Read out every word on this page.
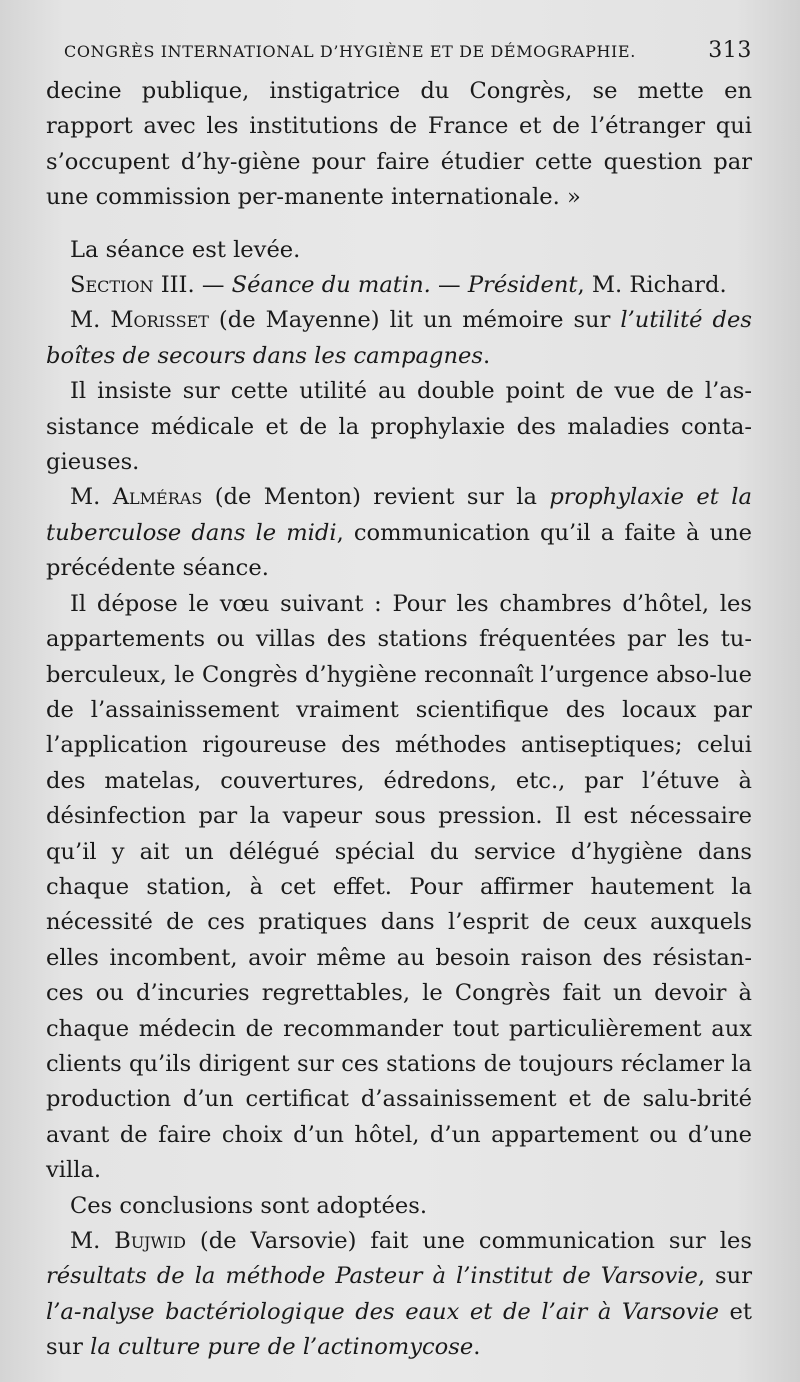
CONGRÈS INTERNATIONAL D’HYGIÈNE ET DE DÉMOGRAPHIE.	313

decine publique, instigatrice du Congrès, se mette en rapport avec les institutions de France et de l’étranger qui s’occupent d’hy-giène pour faire étudier cette question par une commission per-manente internationale. »

La séance est levée.

Section III. — Séance du matin. — Président, M. Richard.

M. Morisset (de Mayenne) lit un mémoire sur l’utilité des boîtes de secours dans les campagnes.

Il insiste sur cette utilité au double point de vue de l’as-sistance médicale et de la prophylaxie des maladies conta-gieuses.

M. Alméras (de Menton) revient sur la prophylaxie et la tuberculose dans le midi, communication qu’il a faite à une précédente séance.

Il dépose le vœu suivant : Pour les chambres d’hôtel, les appartements ou villas des stations fréquentées par les tu-berculeux, le Congrès d’hygiène reconnaît l’urgence abso-lue de l’assainissement vraiment scientifique des locaux par l’application rigoureuse des méthodes antiseptiques; celui des matelas, couvertures, édredons, etc., par l’étuve à désinfection par la vapeur sous pression. Il est nécessaire qu’il y ait un délégué spécial du service d’hygiène dans chaque station, à cet effet. Pour affirmer hautement la nécessité de ces pratiques dans l’esprit de ceux auxquels elles incombent, avoir même au besoin raison des résistan-ces ou d’incuries regrettables, le Congrès fait un devoir à chaque médecin de recommander tout particulièrement aux clients qu’ils dirigent sur ces stations de toujours réclamer la production d’un certificat d’assainissement et de salu-brité avant de faire choix d’un hôtel, d’un appartement ou d’une villa.

Ces conclusions sont adoptées.

M. Bujwid (de Varsovie) fait une communication sur les résultats de la méthode Pasteur à l’institut de Varsovie, sur l’a-nalyse bactériologique des eaux et de l’air à Varsovie et sur la culture pure de l’actinomycose.
